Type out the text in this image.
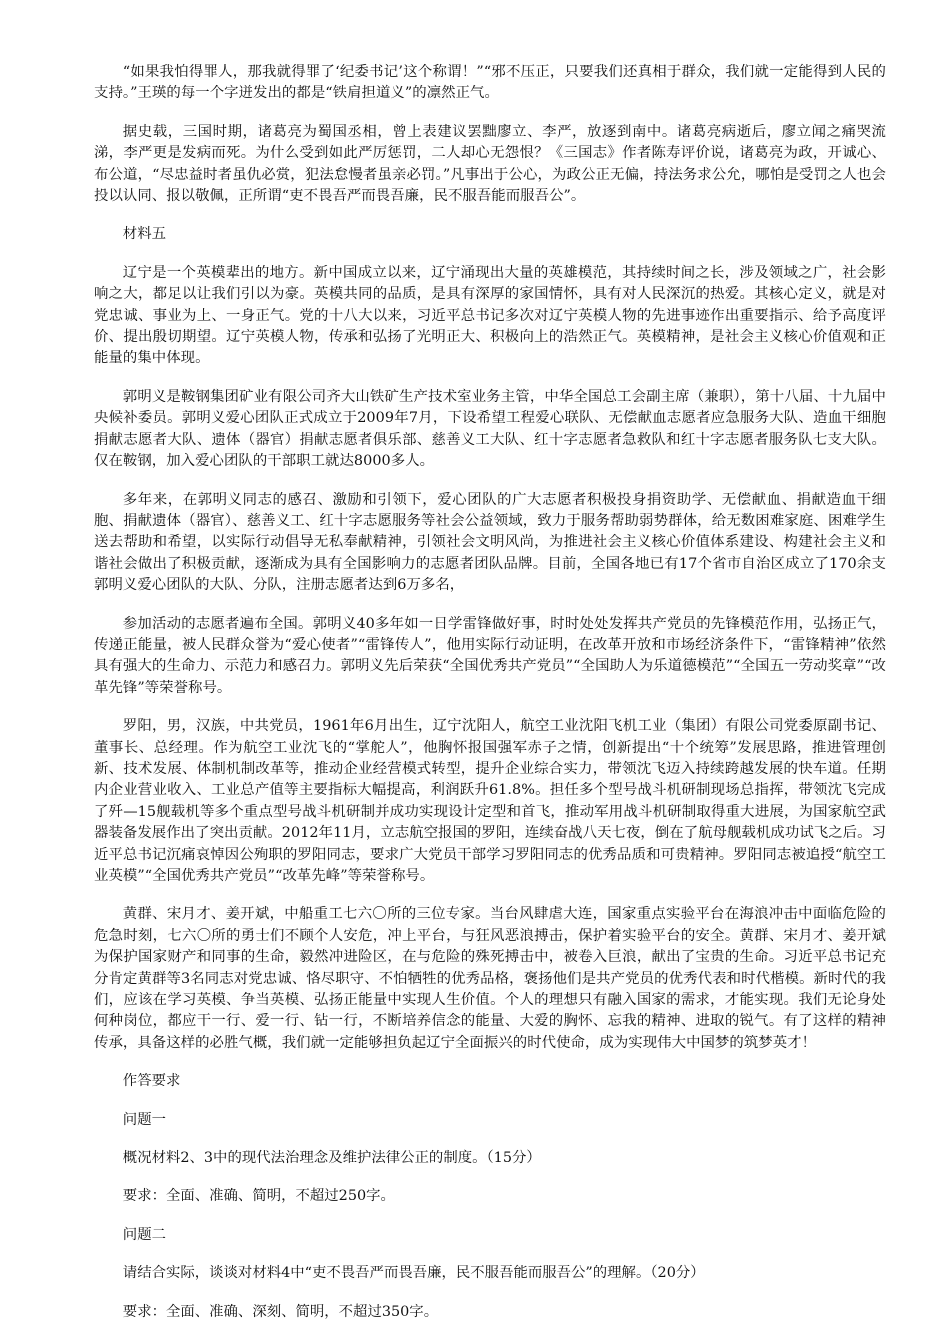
“如果我怕得罪人，那我就得罪了‘纪委书记’这个称谓！”“邪不压正，只要我们还真相于群众，我们就一定能得到人民的支持。”王瑛的每一个字迸发出的都是“铁肩担道义”的凛然正气。

据史载，三国时期，诸葛亮为蜀国丞相，曾上表建议罢黜廖立、李严，放逐到南中。诸葛亮病逝后，廖立闻之痛哭流涕，李严更是发病而死。为什么受到如此严厉惩罚，二人却心无怨恨？《三国志》作者陈寿评价说，诸葛亮为政，开诚心、布公道，“尽忠益时者虽仇必赏，犯法怠慢者虽亲必罚。”凡事出于公心，为政公正无偏，持法务求公允，哪怕是受罚之人也会投以认同、报以敬佩，正所谓“吏不畏吾严而畏吾廉，民不服吾能而服吾公”。

材料五

辽宁是一个英模辈出的地方。新中国成立以来，辽宁涌现出大量的英雄模范，其持续时间之长，涉及领域之广，社会影响之大，都足以让我们引以为豪。英模共同的品质，是具有深厚的家国情怀，具有对人民深沉的热爱。其核心定义，就是对党忠诚、事业为上、一身正气。党的十八大以来，习近平总书记多次对辽宁英模人物的先进事迹作出重要指示、给予高度评价、提出殷切期望。辽宁英模人物，传承和弘扬了光明正大、积极向上的浩然正气。英模精神，是社会主义核心价值观和正能量的集中体现。

郭明义是鞍钢集团矿业有限公司齐大山铁矿生产技术室业务主管，中华全国总工会副主席（兼职），第十八届、十九届中央候补委员。郭明义爱心团队正式成立于2009年7月，下设希望工程爱心联队、无偿献血志愿者应急服务大队、造血干细胞捐献志愿者大队、遗体（器官）捐献志愿者俱乐部、慈善义工大队、红十字志愿者急救队和红十字志愿者服务队七支大队。仅在鞍钢，加入爱心团队的干部职工就达8000多人。

多年来，在郭明义同志的感召、激励和引领下，爱心团队的广大志愿者积极投身捐资助学、无偿献血、捐献造血干细胞、捐献遗体（器官）、慈善义工、红十字志愿服务等社会公益领域，致力于服务帮助弱势群体，给无数困难家庭、困难学生送去帮助和希望，以实际行动倡导无私奉献精神，引领社会文明风尚，为推进社会主义核心价值体系建设、构建社会主义和谐社会做出了积极贡献，逐渐成为具有全国影响力的志愿者团队品牌。目前，全国各地已有17个省市自治区成立了170余支郭明义爱心团队的大队、分队，注册志愿者达到6万多名，

参加活动的志愿者遍布全国。郭明义40多年如一日学雷锋做好事，时时处处发挥共产党员的先锋模范作用，弘扬正气，传递正能量，被人民群众誉为“爱心使者”“雷锋传人”，他用实际行动证明，在改革开放和市场经济条件下，“雷锋精神”依然具有强大的生命力、示范力和感召力。郭明义先后荣获“全国优秀共产党员”“全国助人为乐道德模范”“全国五一劳动奖章”“改革先锋”等荣誉称号。

罗阳，男，汉族，中共党员，1961年6月出生，辽宁沈阳人，航空工业沈阳飞机工业（集团）有限公司党委原副书记、董事长、总经理。作为航空工业沈飞的“掌舵人”，他胸怀报国强军赤子之情，创新提出“十个统筹”发展思路，推进管理创新、技术发展、体制机制改革等，推动企业经营模式转型，提升企业综合实力，带领沈飞迈入持续跨越发展的快车道。任期内企业营业收入、工业总产值等主要指标大幅提高，利润跃升61.8%。担任多个型号战斗机研制现场总指挥，带领沈飞完成了歼—15舰载机等多个重点型号战斗机研制并成功实现设计定型和首飞，推动军用战斗机研制取得重大进展，为国家航空武器装备发展作出了突出贡献。2012年11月，立志航空报国的罗阳，连续奋战八天七夜，倒在了航母舰载机成功试飞之后。习近平总书记沉痛哀悼因公殉职的罗阳同志，要求广大党员干部学习罗阳同志的优秀品质和可贵精神。罗阳同志被追授“航空工业英模”“全国优秀共产党员”“改革先峰”等荣誉称号。

黄群、宋月才、姜开斌，中船重工七六〇所的三位专家。当台风肆虐大连，国家重点实验平台在海浪冲击中面临危险的危急时刻，七六〇所的勇士们不顾个人安危，冲上平台，与狂风恶浪搏击，保护着实验平台的安全。黄群、宋月才、姜开斌为保护国家财产和同事的生命，毅然冲进险区，在与危险的殊死搏击中，被卷入巨浪，献出了宝贵的生命。习近平总书记充分肯定黄群等3名同志对党忠诚、恪尽职守、不怕牺牲的优秀品格，褒扬他们是共产党员的优秀代表和时代楷模。新时代的我们，应该在学习英模、争当英模、弘扬正能量中实现人生价值。个人的理想只有融入国家的需求，才能实现。我们无论身处何种岗位，都应干一行、爱一行、钻一行，不断培养信念的能量、大爱的胸怀、忘我的精神、进取的锐气。有了这样的精神传承，具备这样的必胜气概，我们就一定能够担负起辽宁全面振兴的时代使命，成为实现伟大中国梦的筑梦英才！

作答要求

问题一

概况材料2、3中的现代法治理念及维护法律公正的制度。（15分）

要求：全面、准确、简明，不超过250字。

问题二

请结合实际，谈谈对材料4中“吏不畏吾严而畏吾廉，民不服吾能而服吾公”的理解。（20分）

要求：全面、准确、深刻、简明，不超过350字。
